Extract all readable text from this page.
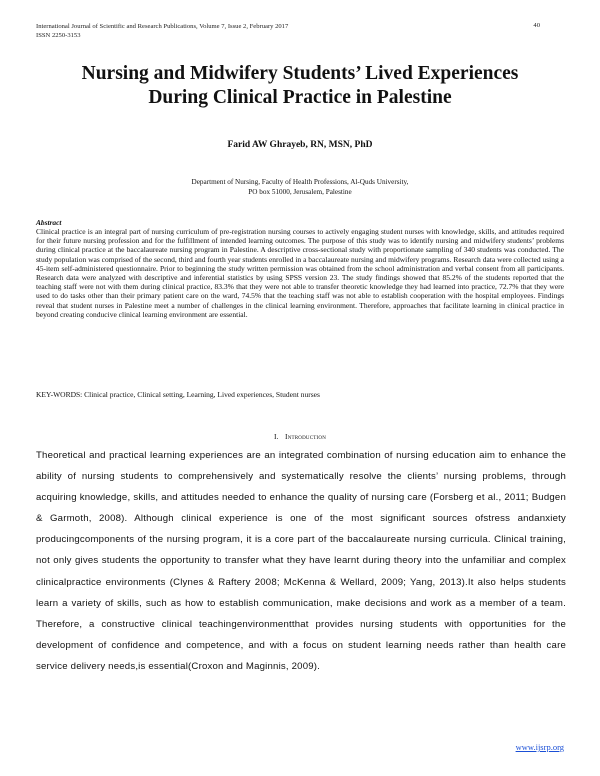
International Journal of Scientific and Research Publications, Volume 7, Issue 2, February 2017
ISSN 2250-3153
40
Nursing and Midwifery Students’ Lived Experiences
During Clinical Practice in Palestine
Farid AW Ghrayeb, RN, MSN, PhD
Department of Nursing, Faculty of Health Professions, Al-Quds University,
PO box 51000, Jerusalem, Palestine
Abstract
Clinical practice is an integral part of nursing curriculum of pre-registration nursing courses to actively engaging student nurses with knowledge, skills, and attitudes required for their future nursing profession and for the fulfillment of intended learning outcomes. The purpose of this study was to identify nursing and midwifery students’ problems during clinical practice at the baccalaureate nursing program in Palestine. A descriptive cross-sectional study with proportionate sampling of 340 students was conducted. The study population was comprised of the second, third and fourth year students enrolled in a baccalaureate nursing and midwifery programs. Research data were collected using a 45-item self-administered questionnaire. Prior to beginning the study written permission was obtained from the school administration and verbal consent from all participants. Research data were analyzed with descriptive and inferential statistics by using SPSS version 23. The study findings showed that 85.2% of the students reported that the teaching staff were not with them during clinical practice, 83.3% that they were not able to transfer theoretic knowledge they had learned into practice, 72.7% that they were used to do tasks other than their primary patient care on the ward, 74.5% that the teaching staff was not able to establish cooperation with the hospital employees. Findings reveal that student nurses in Palestine meet a number of challenges in the clinical learning environment. Therefore, approaches that facilitate learning in clinical practice in beyond creating conducive clinical learning environment are essential.
KEY-WORDS: Clinical practice, Clinical setting, Learning, Lived experiences, Student nurses
I. Introduction
Theoretical and practical learning experiences are an integrated combination of nursing education aim to enhance the ability of nursing students to comprehensively and systematically resolve the clients’ nursing problems, through acquiring knowledge, skills, and attitudes needed to enhance the quality of nursing care (Forsberg et al., 2011; Budgen & Garmoth, 2008). Although clinical experience is one of the most significant sources ofstress andanxiety producingcomponents of the nursing program, it is a core part of the baccalaureate nursing curricula. Clinical training, not only gives students the opportunity to transfer what they have learnt during theory into the unfamiliar and complex clinicalpractice environments (Clynes & Raftery 2008; McKenna & Wellard, 2009; Yang, 2013).It also helps students learn a variety of skills, such as how to establish communication, make decisions and work as a member of a team. Therefore, a constructive clinical teachingenvironmentthat provides nursing students with opportunities for the development of confidence and competence, and with a focus on student learning needs rather than health care service delivery needs,is essential(Croxon and Maginnis, 2009).
www.ijsrp.org
